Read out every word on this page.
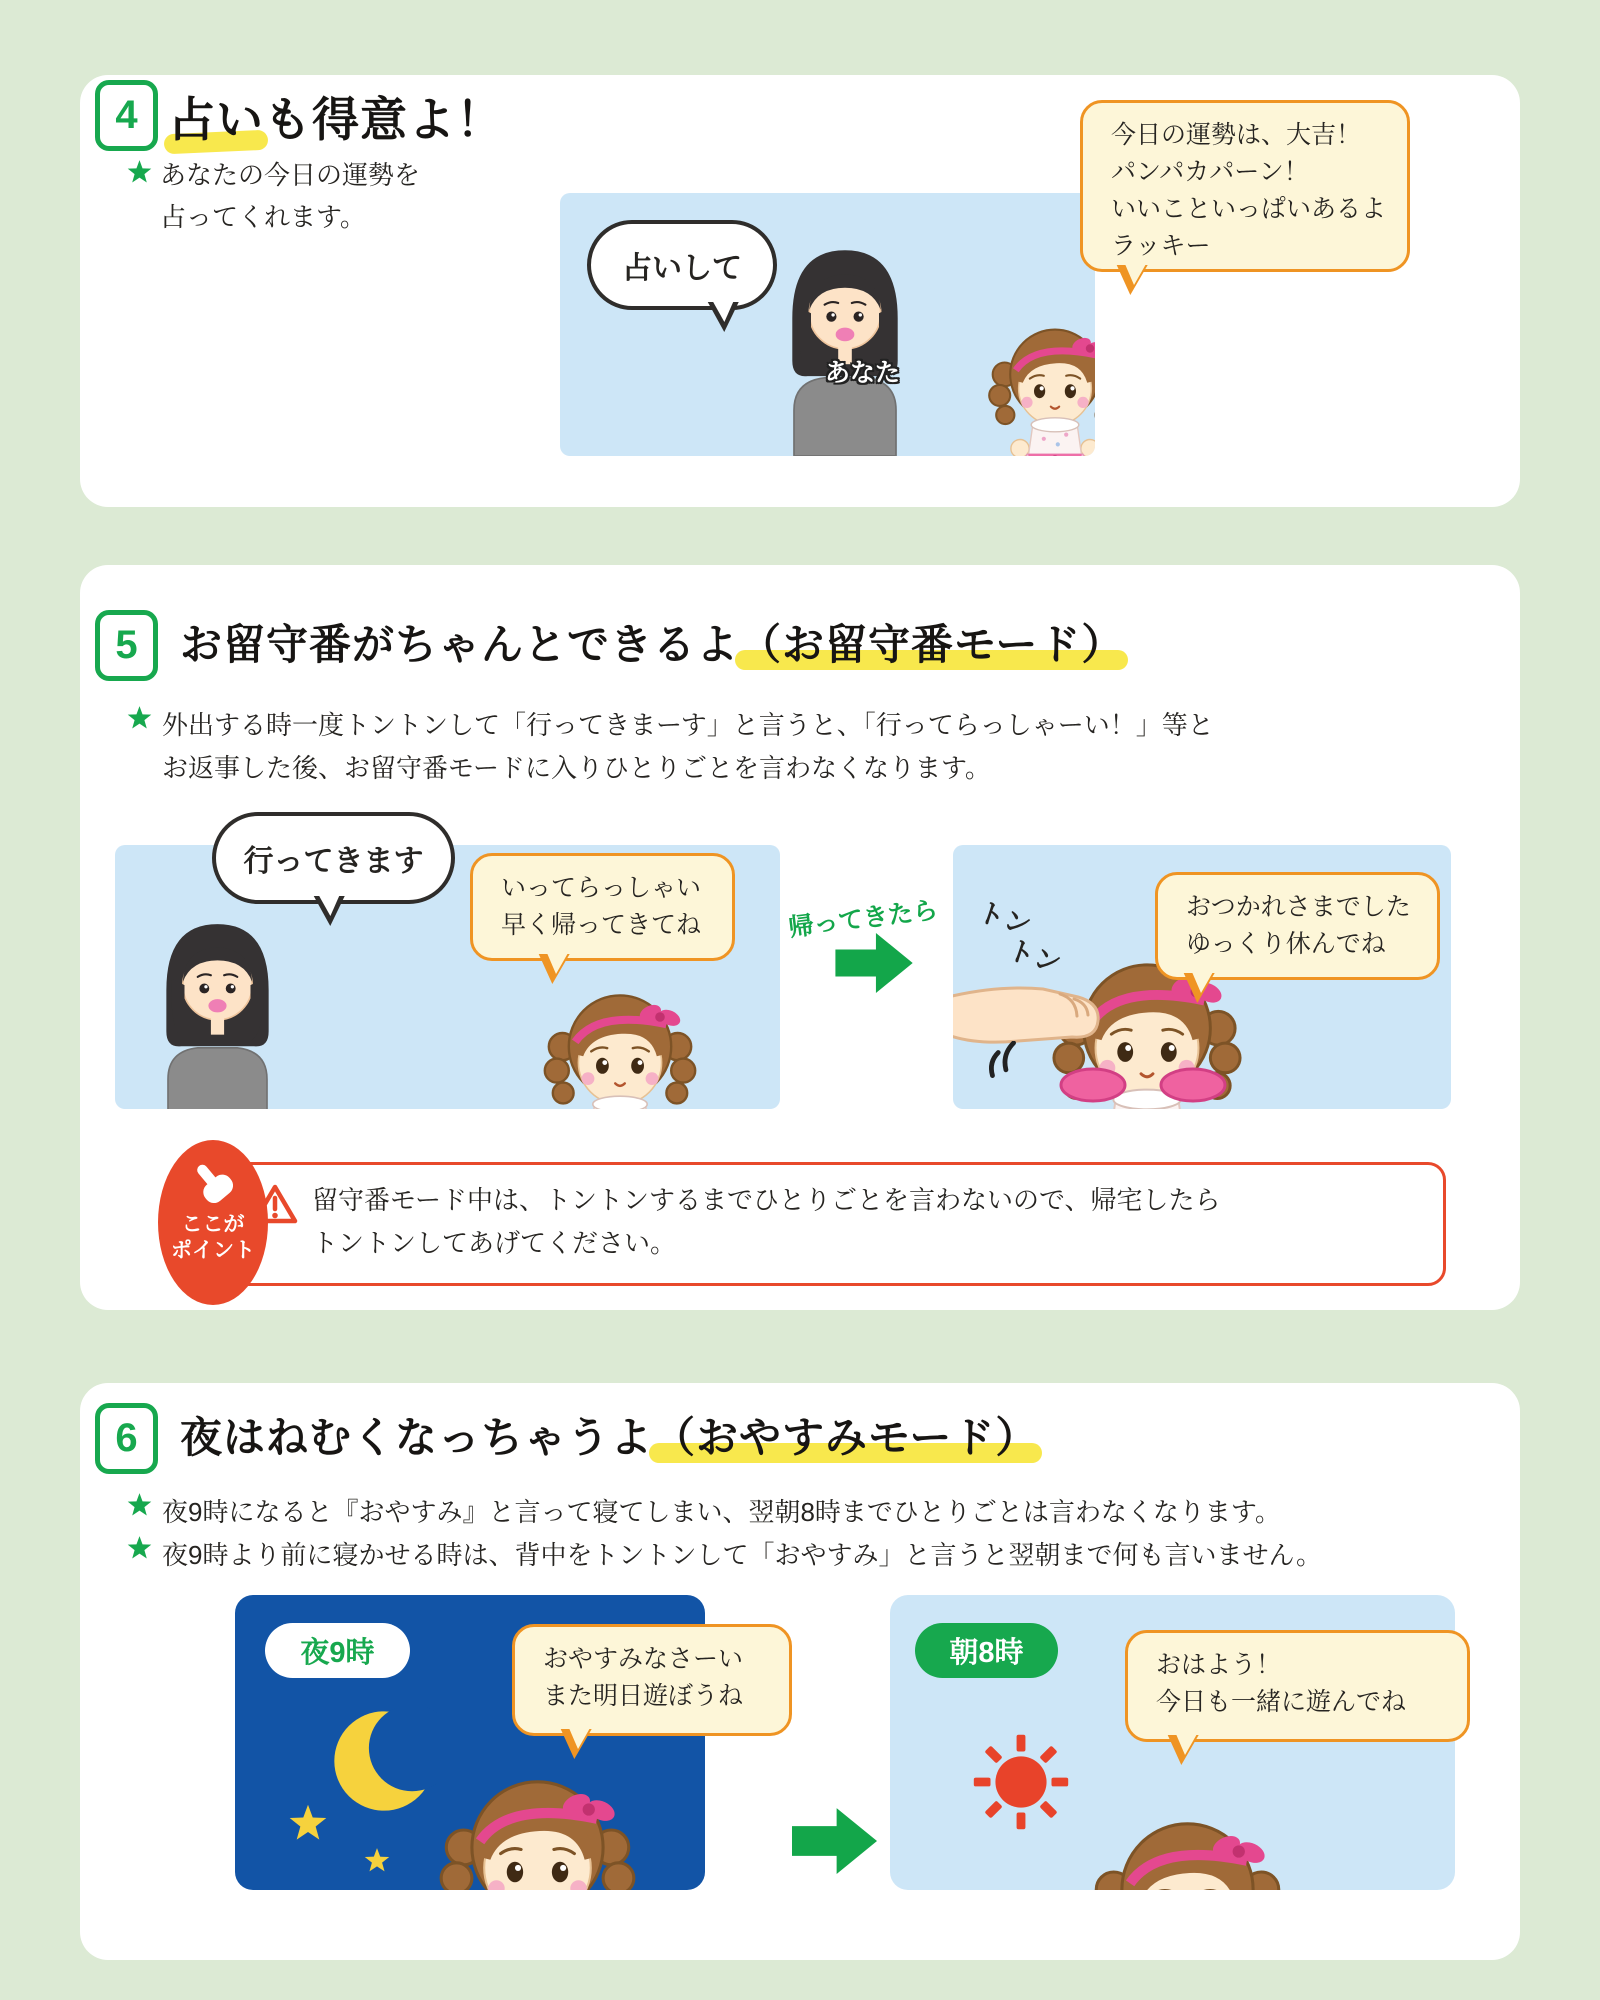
4 占いも得意よ！
あなたの今日の運勢を
占ってくれます。
あなた
占いして
今日の運勢は、大吉！
パンパカパーン！
いいこといっぱいあるよ
ラッキー
5 お留守番がちゃんとできるよ（お留守番モード）
外出する時一度トントンして「行ってきまーす」と言うと、「行ってらっしゃーい！」等と
お返事した後、お留守番モードに入りひとりごとを言わなくなります。
いってらっしゃい
早く帰ってきてね
行ってきます
帰ってきたら トン
トン
おつかれさまでした
ゆっくり休んでね
留守番モード中は、トントンするまでひとりごとを言わないので、帰宅したら
トントンしてあげてください。
ここが
ポイント
6 夜はねむくなっちゃうよ（おやすみモード）
夜9時になると『おやすみ』と言って寝てしまい、翌朝8時までひとりごとは言わなくなります。
夜9時より前に寝かせる時は、背中をトントンして「おやすみ」と言うと翌朝まで何も言いません。
夜9時	おやすみなさーい
また明日遊ぼうね
朝8時	おはよう！
今日も一緒に遊んでね
